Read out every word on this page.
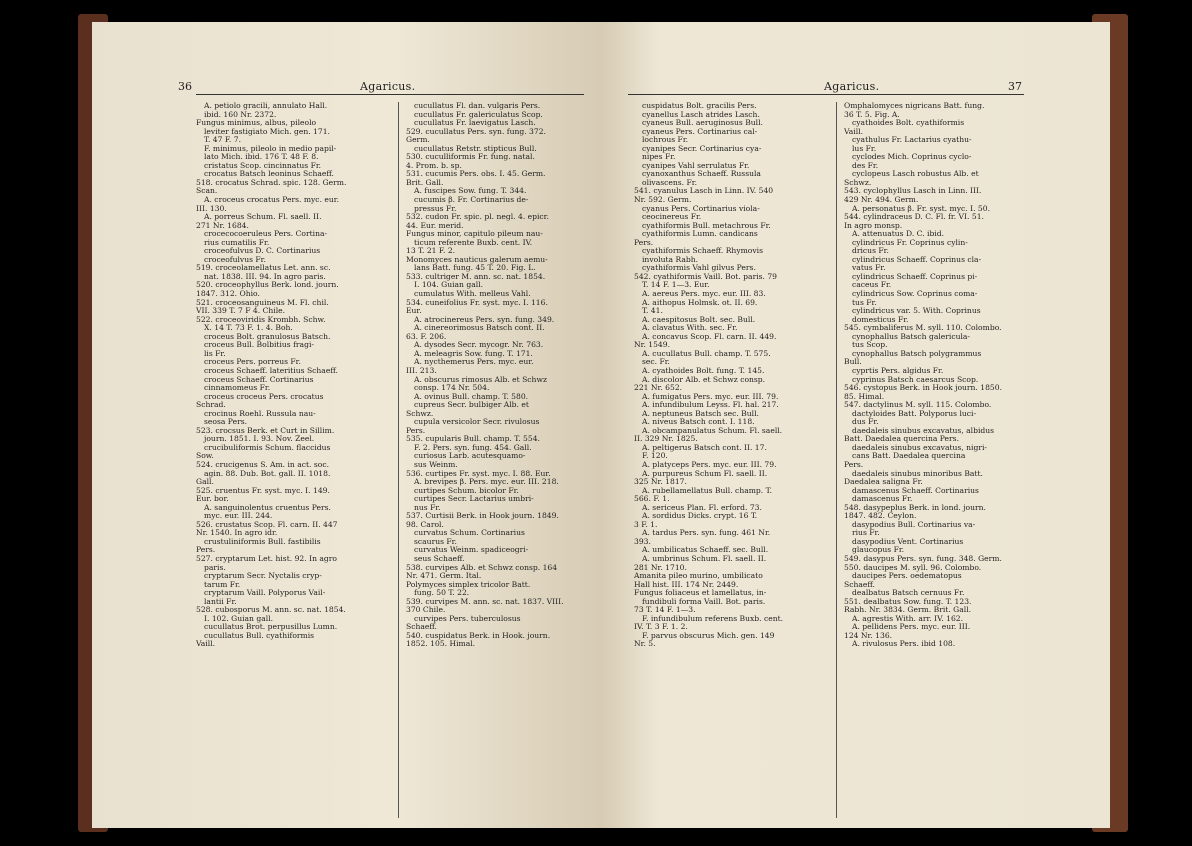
36	Agaricus.
A. petiolo gracili, annulato Hall.
ibid. 160 Nr. 2372.
Fungus minimus, albus, pileolo
leviter fastigiato Mich. gen. 171.
T. 47 F. 7.
F. minimus, pileolo in medio papil-
lato Mich. ibid. 176 T. 48 F. 8.
cristatus Scop. cincinnatus Fr.
crocatus Batsch leoninus Schaeff.
518. crocatus Schrad. spic. 128. Germ.
Scan.
A. croceus crocatus Pers. myc. eur.
III. 130.
A. porreus Schum. Fl. saell. II.
271 Nr. 1684.
crocecocoeruleus Pers. Cortina-
rius cumatilis Fr.
croceofulvus D. C. Cortinarius
croceofulvus Fr.
519. croceolamellatus Let. ann. sc.
nat. 1838. III. 94. In agro paris.
520. croceophyllus Berk. lond. journ.
1847. 312. Ohio.
521. croceosanguineus M. Fl. chil.
VII. 339 T. 7 F 4. Chile.
522. croceoviridis Krombh. Schw.
X. 14 T. 73 F. 1. 4. Boh.
croceus Bolt. granulosus Batsch.
croceus Bull. Bolbitius fragi-
lis Fr.
croceus Pers. porreus Fr.
croceus Schaeff. lateritius Schaeff.
croceus Schaeff. Cortinarius
cinnamomeus Fr.
croceus croceus Pers. crocatus
Schrad.
crocinus Roehl. Russula nau-
seosa Pers.
523. crocsus Berk. et Curt in Sillim.
journ. 1851. I. 93. Nov. Zeel.
crucibuliformis Schum. flaccidus
Sow.
524. crucigenus S. Am. in act. soc.
agin. 88. Dub. Bot. gall. II. 1018.
Gall.
525. cruentus Fr. syst. myc. I. 149.
Eur. bor.
A. sanguinolentus cruentus Pers.
myc. eur. III. 244.
526. crustatus Scop. Fl. carn. II. 447
Nr. 1540. In agro idr.
crustuliniformis Bull. fastibilis
Pers.
527. cryptarum Let. hist. 92. In agro
paris.
cryptarum Secr. Nyctalis cryp-
tarum Fr.
cryptarum Vaill. Polyporus Vail-
lantii Fr.
528. cubosporus M. ann. sc. nat. 1854.
I. 102. Guian gall.
cucullatus Brot. perpusillus Lumn.
cucullatus Bull. cyathiformis
Vaill.
cucullatus Fl. dan. vulgaris Pers.
cucullatus Fr. galericulatus Scop.
cucullatus Fr. laevigatus Lasch.
529. cucullatus Pers. syn. fung. 372.
Germ.
cucullatus Retstr. stipticus Bull.
530. cuculliformis Fr. fung. natal.
4. Prom. b. sp.
531. cucumis Pers. obs. I. 45. Germ.
Brit. Gall.
A. fuscipes Sow. fung. T. 344.
cucumis β. Fr. Cortinarius de-
pressus Fr.
532. cudon Fr. spic. pl. negl. 4. epicr.
44. Eur. merid.
Fungus minor, capitulo pileum nau-
ticum referente Buxb. cent. IV.
13 T. 21 F. 2.
Monomyces nauticus galerum aemu-
lans Batt. fung. 45 T. 20. Fig. L.
533. cultriger M. ann. sc. nat. 1854.
I. 104. Guian gall.
cumulatus With. melleus Vahl.
534. cuneifolius Fr. syst. myc. I. 116.
Eur.
A. atrocinereus Pers. syn. fung. 349.
A. cinereorimosus Batsch cont. II.
63. F. 206.
A. dysodes Secr. mycogr. Nr. 763.
A. meleagris Sow. fung. T. 171.
A. nycthemerus Pers. myc. eur.
III. 213.
A. obscurus rimosus Alb. et Schwz
consp. 174 Nr. 504.
A. ovinus Bull. champ. T. 580.
cupreus Secr. bulbiger Alb. et
Schwz.
cupula versicolor Secr. rivulosus
Pers.
535. cupularis Bull. champ. T. 554.
F. 2. Pers. syn. fung. 454. Gall.
curiosus Larb. acutesquamo-
sus Weinm.
536. curtipes Fr. syst. myc. I. 88. Eur.
A. brevipes β. Pers. myc. eur. III. 218.
curtipes Schum. bicolor Fr.
curtipes Secr. Lactarius umbri-
nus Fr.
537. Curtisii Berk. in Hook journ. 1849.
98. Carol.
curvatus Schum. Cortinarius
scaurus Fr.
curvatus Weinm. spadiceogri-
seus Schaeff.
538. curvipes Alb. et Schwz consp. 164
Nr. 471. Germ. Ital.
Polymyces simplex tricolor Batt.
fung. 50 T. 22.
539. curvipes M. ann. sc. nat. 1837. VIII.
370 Chile.
curvipes Pers. tuberculosus
Schaeff.
540. cuspidatus Berk. in Hook. journ.
1852. 105. Himal.
Agaricus.	37
cuspidatus Bolt. gracilis Pers.
cyanellus Lasch atrides Lasch.
cyaneus Bull. aeruginosus Bull.
cyaneus Pers. Cortinarius cal-
lochrous Fr.
cyanipes Secr. Cortinarius cya-
nipes Fr.
cyanipes Vahl serrulatus Fr.
cyanoxanthus Schaeff. Russula
olivascens. Fr.
541. cyanulus Lasch in Linn. IV. 540
Nr. 592. Germ.
cyanus Pers. Cortinarius viola-
ceocinereus Fr.
cyathiformis Bull. metachrous Fr.
cyathiformis Lumn. candicans
Pers.
cyathiformis Schaeff. Rhymovis
involuta Rabh.
cyathiformis Vahl gilvus Pers.
542. cyathiformis Vaill. Bot. paris. 79
T. 14 F. 1—3. Eur.
A. aereus Pers. myc. eur. III. 83.
A. aithopus Holmsk. ot. II. 69.
T. 41.
A. caespitosus Bolt. sec. Bull.
A. clavatus With. sec. Fr.
A. concavus Scop. Fl. carn. II. 449.
Nr. 1549.
A. cucullatus Bull. champ. T. 575.
sec. Fr.
A. cyathoides Bolt. fung. T. 145.
A. discolor Alb. et Schwz consp.
221 Nr. 652.
A. fumigatus Pers. myc. eur. III. 79.
A. infundibulum Leyss. Fl. hal. 217.
A. neptuneus Batsch sec. Bull.
A. niveus Batsch cont. I. 118.
A. obcampanulatus Schum. Fl. saell.
II. 329 Nr. 1825.
A. peltigerus Batsch cont. II. 17.
F. 120.
A. platyceps Pers. myc. eur. III. 79.
A. purpureus Schum Fl. saell. II.
325 Nr. 1817.
A. rubellamellatus Bull. champ. T.
566. F. 1.
A. sericeus Plan. Fl. erford. 73.
A. sordidus Dicks. crypt. 16 T.
3 F. 1.
A. tardus Pers. syn. fung. 461 Nr.
393.
A. umbilicatus Schaeff. sec. Bull.
A. umbrinus Schum. Fl. saell. II.
281 Nr. 1710.
Amanita pileo murino, umbilicato
Hall hist. III. 174 Nr. 2449.
Fungus foliaceus et lamellatus, in-
fundibuli forma Vaill. Bot. paris.
73 T. 14 F. 1—3.
F. infundibulum referens Buxb. cent.
IV. T. 3 F. 1. 2.
F. parvus obscurus Mich. gen. 149
Nr. 5.
Omphalomyces nigricans Batt. fung.
36 T. 5. Fig. A.
cyathoides Bolt. cyathiformis
Vaill.
cyathulus Fr. Lactarius cyathu-
lus Fr.
cyclodes Mich. Coprinus cyclo-
des Fr.
cyclopeus Lasch robustus Alb. et
Schwz.
543. cyclophyllus Lasch in Linn. III.
429 Nr. 494. Germ.
A. personatus β. Fr. syst. myc. I. 50.
544. cylindraceus D. C. Fl. fr. VI. 51.
In agro monsp.
A. attenuatus D. C. ibid.
cylindricus Fr. Coprinus cylin-
dricus Fr.
cylindricus Schaeff. Coprinus cla-
vatus Fr.
cylindricus Schaeff. Coprinus pi-
caceus Fr.
cylindricus Sow. Coprinus coma-
tus Fr.
cylindricus var. 5. With. Coprinus
domesticus Fr.
545. cymbaliferus M. syll. 110. Colombo.
cynophallus Batsch galericula-
tus Scop.
cynophallus Batsch polygrammus
Bull.
cyprtis Pers. algidus Fr.
cyprinus Batsch caesarcus Scop.
546. cystopus Berk. in Hook journ. 1850.
85. Himal.
547. dactylinus M. syll. 115. Colombo.
dactyloides Batt. Polyporus luci-
dus Fr.
daedaleis sinubus excavatus, albidus
Batt. Daedalea quercina Pers.
daedaleis sinubus excavatus, nigri-
cans Batt. Daedalea quercina
Pers.
daedaleis sinubus minoribus Batt.
Daedalea saligna Fr.
damascenus Schaeff. Cortinarius
damascenus Fr.
548. dasypeplus Berk. in lond. journ.
1847. 482. Ceylon.
dasypodius Bull. Cortinarius va-
rius Fr.
dasypodius Vent. Cortinarius
glaucopus Fr.
549. dasypus Pers. syn. fung. 348. Germ.
550. daucipes M. syll. 96. Colombo.
daucipes Pers. oedematopus
Schaeff.
dealbatus Batsch cernuus Fr.
551. dealbatus Sow. fung. T. 123.
Rabh. Nr. 3834. Germ. Brit. Gall.
A. agrestis With. arr. IV. 162.
A. pellidens Pers. myc. eur. III.
124 Nr. 136.
A. rivulosus Pers. ibid 108.
